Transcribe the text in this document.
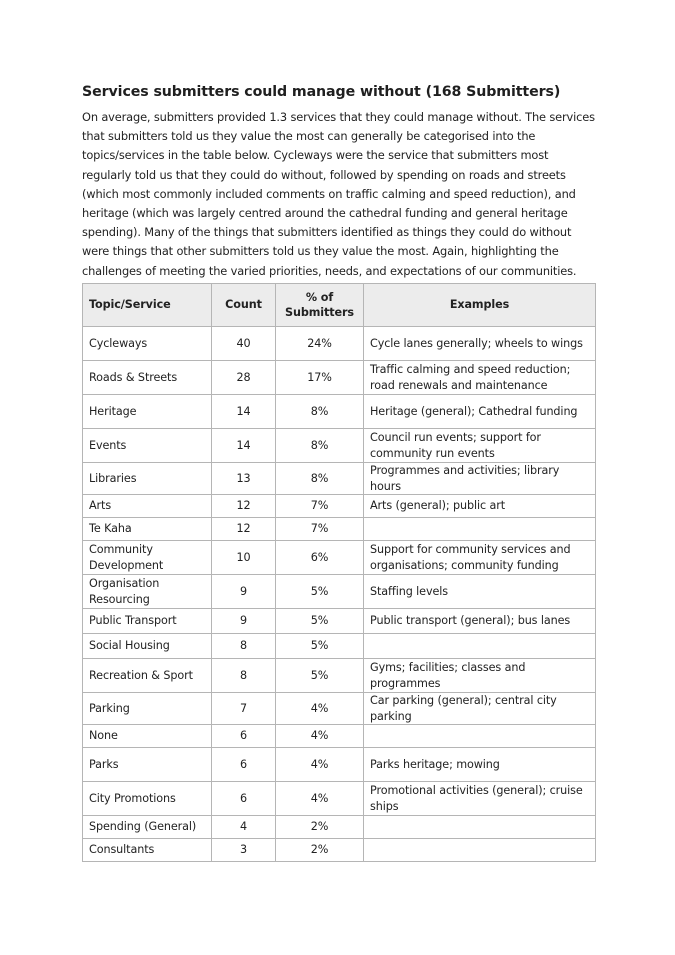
Services submitters could manage without (168 Submitters)

On average, submitters provided 1.3 services that they could manage without. The services that submitters told us they value the most can generally be categorised into the topics/services in the table below. Cycleways were the service that submitters most regularly told us that they could do without, followed by spending on roads and streets (which most commonly included comments on traffic calming and speed reduction), and heritage (which was largely centred around the cathedral funding and general heritage spending). Many of the things that submitters identified as things they could do without were things that other submitters told us they value the most. Again, highlighting the challenges of meeting the varied priorities, needs, and expectations of our communities.

Topic/Service	Count	% of Submitters	Examples
Cycleways	40	24%	Cycle lanes generally; wheels to wings
Roads & Streets	28	17%	Traffic calming and speed reduction; road renewals and maintenance
Heritage	14	8%	Heritage (general); Cathedral funding
Events	14	8%	Council run events; support for community run events
Libraries	13	8%	Programmes and activities; library hours
Arts	12	7%	Arts (general); public art
Te Kaha	12	7%	
Community Development	10	6%	Support for community services and organisations; community funding
Organisation Resourcing	9	5%	Staffing levels
Public Transport	9	5%	Public transport (general); bus lanes
Social Housing	8	5%	
Recreation & Sport	8	5%	Gyms; facilities; classes and programmes
Parking	7	4%	Car parking (general); central city parking
None	6	4%	
Parks	6	4%	Parks heritage; mowing
City Promotions	6	4%	Promotional activities (general); cruise ships
Spending (General)	4	2%	
Consultants	3	2%	
